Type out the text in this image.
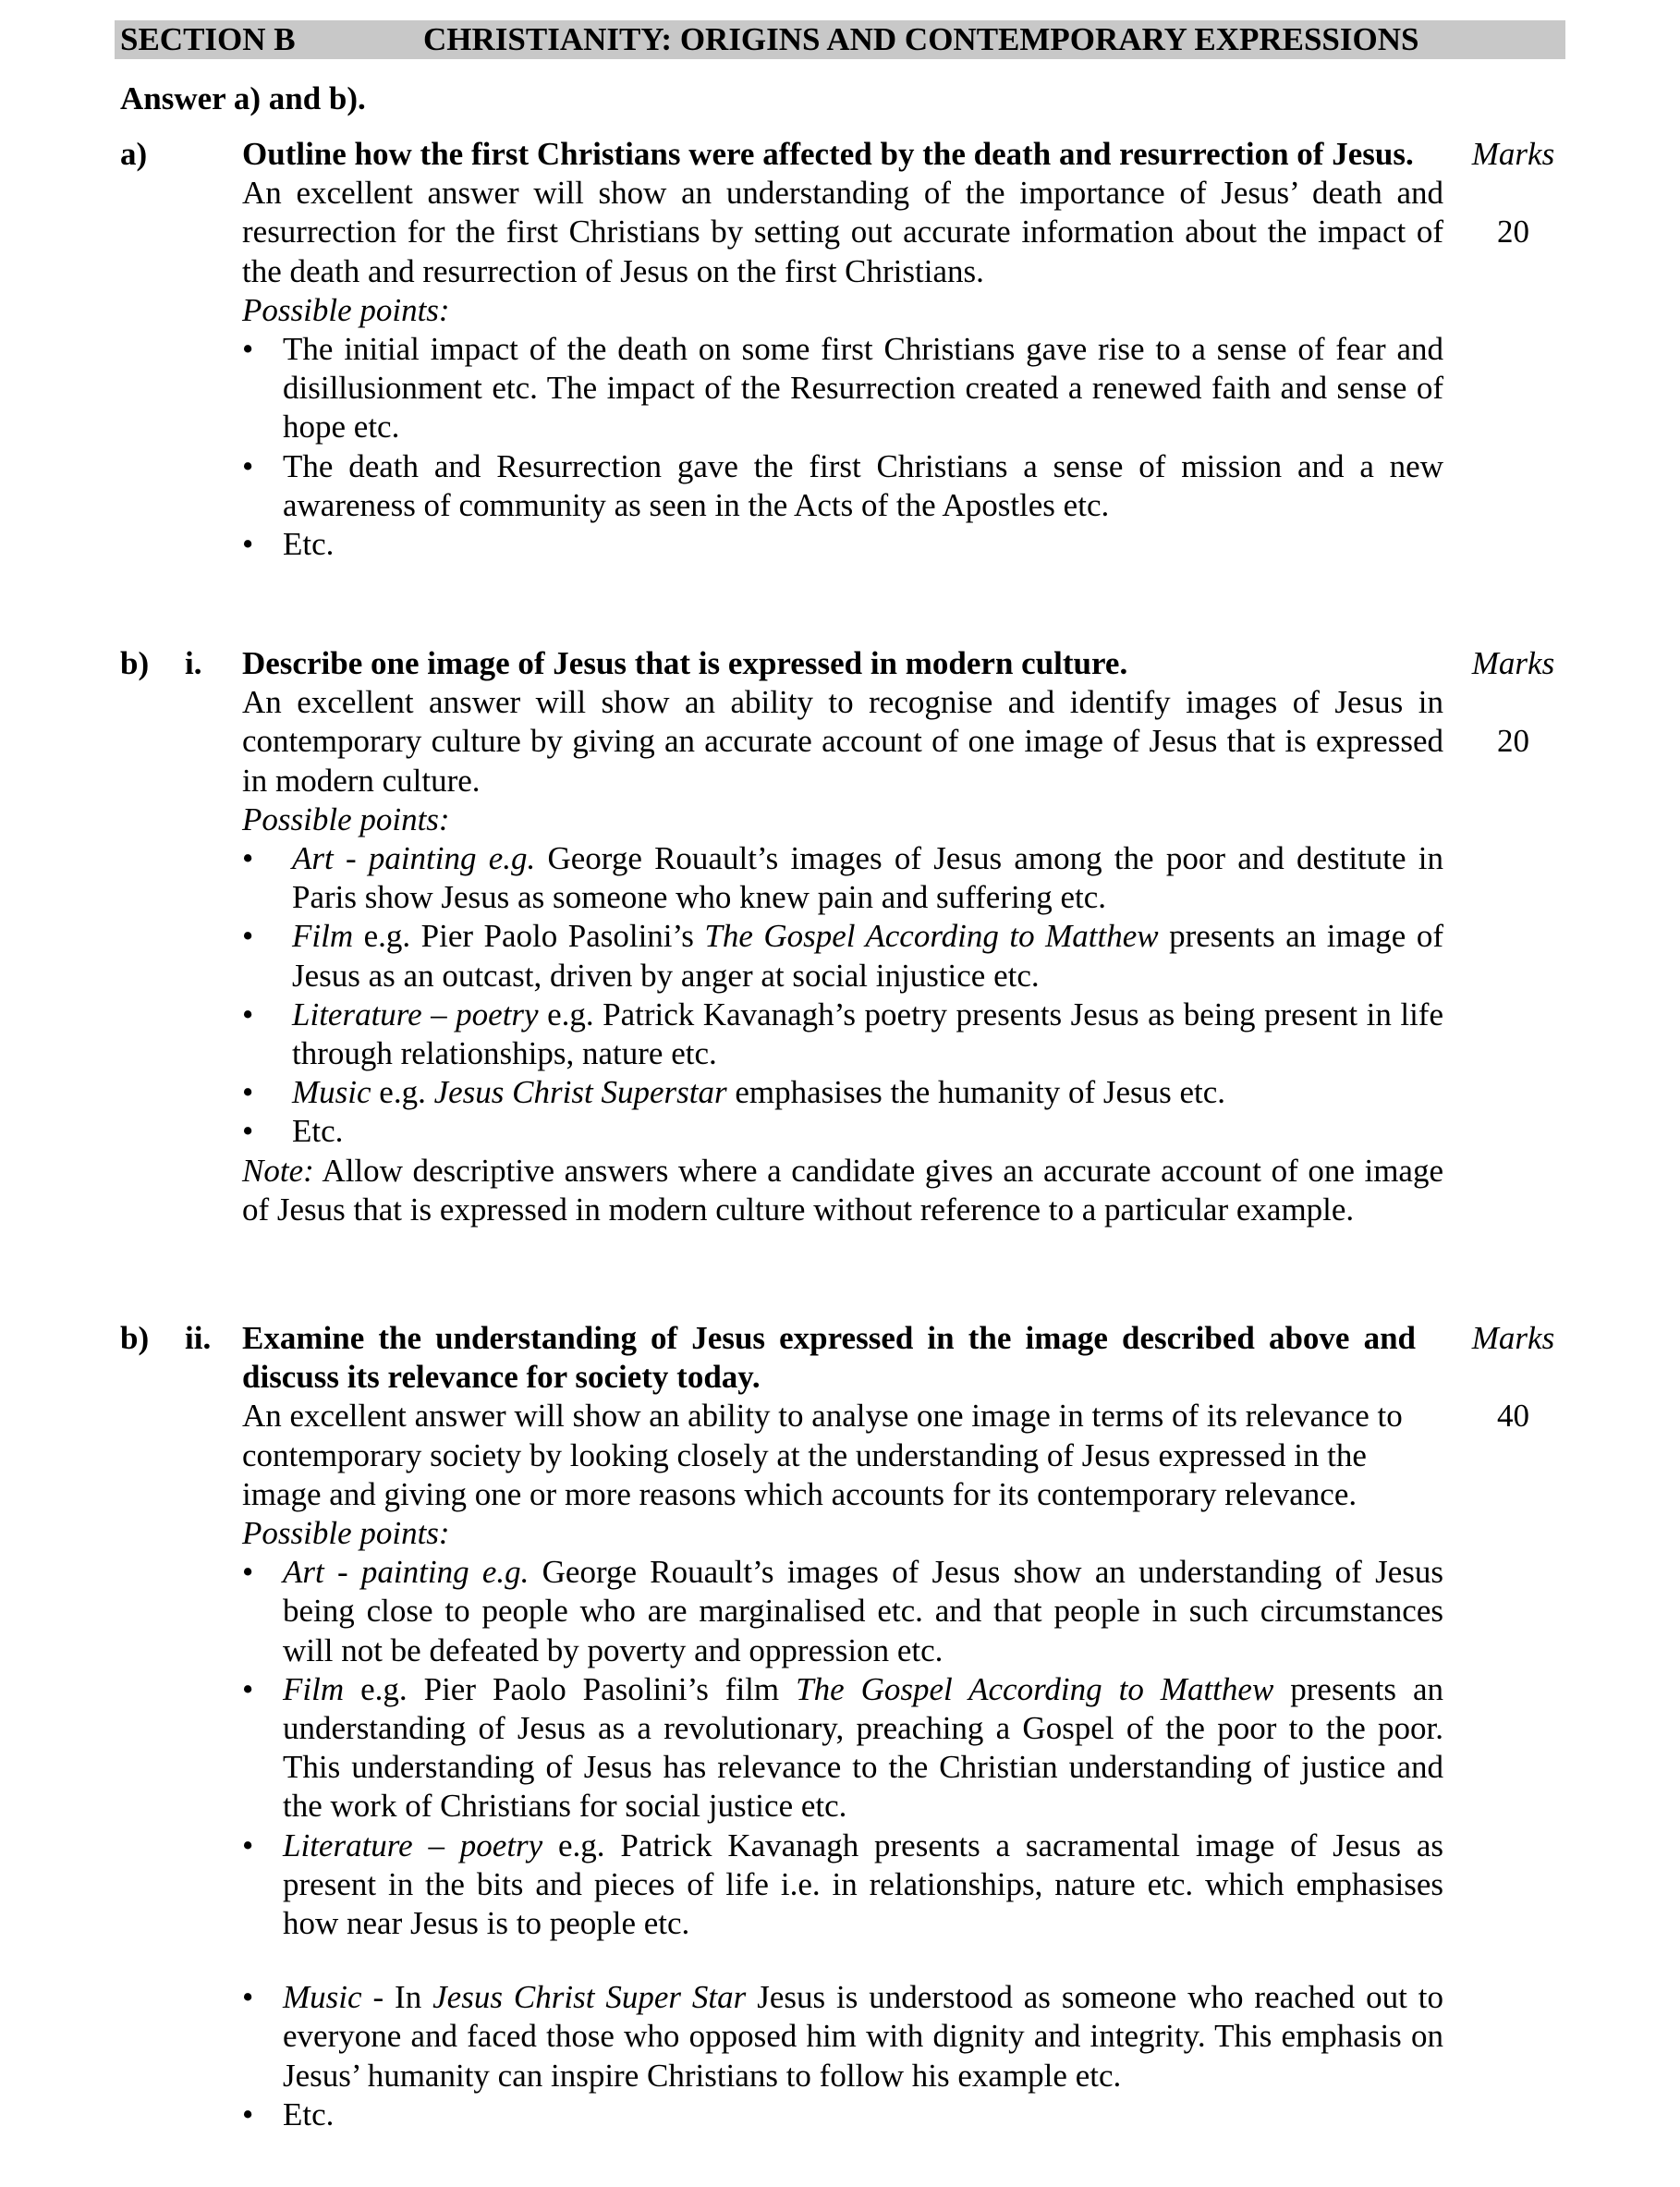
SECTION B	CHRISTIANITY: ORIGINS AND CONTEMPORARY EXPRESSIONS
Answer a) and b).
a)	Outline how the first Christians were affected by the death and resurrection of Jesus.
An excellent answer will show an understanding of the importance of Jesus’ death and resurrection for the first Christians by setting out accurate information about the impact of the death and resurrection of Jesus on the first Christians.
Possible points:
• The initial impact of the death on some first Christians gave rise to a sense of fear and disillusionment etc. The impact of the Resurrection created a renewed faith and sense of hope etc.
• The death and Resurrection gave the first Christians a sense of mission and a new awareness of community as seen in the Acts of the Apostles etc.
• Etc.
Marks
20
b) i. Describe one image of Jesus that is expressed in modern culture.
An excellent answer will show an ability to recognise and identify images of Jesus in contemporary culture by giving an accurate account of one image of Jesus that is expressed in modern culture.
Possible points:
• Art - painting e.g. George Rouault’s images of Jesus among the poor and destitute in Paris show Jesus as someone who knew pain and suffering etc.
• Film e.g. Pier Paolo Pasolini’s The Gospel According to Matthew presents an image of Jesus as an outcast, driven by anger at social injustice etc.
• Literature – poetry e.g. Patrick Kavanagh’s poetry presents Jesus as being present in life through relationships, nature etc.
• Music e.g. Jesus Christ Superstar emphasises the humanity of Jesus etc.
• Etc.
Note: Allow descriptive answers where a candidate gives an accurate account of one image of Jesus that is expressed in modern culture without reference to a particular example.
Marks
20
b) ii. Examine the understanding of Jesus expressed in the image described above and discuss its relevance for society today.
An excellent answer will show an ability to analyse one image in terms of its relevance to contemporary society by looking closely at the understanding of Jesus expressed in the image and giving one or more reasons which accounts for its contemporary relevance.
Possible points:
• Art - painting e.g. George Rouault’s images of Jesus show an understanding of Jesus being close to people who are marginalised etc. and that people in such circumstances will not be defeated by poverty and oppression etc.
• Film e.g. Pier Paolo Pasolini’s film The Gospel According to Matthew presents an understanding of Jesus as a revolutionary, preaching a Gospel of the poor to the poor. This understanding of Jesus has relevance to the Christian understanding of justice and the work of Christians for social justice etc.
• Literature – poetry e.g. Patrick Kavanagh presents a sacramental image of Jesus as present in the bits and pieces of life i.e. in relationships, nature etc. which emphasises how near Jesus is to people etc.
• Music - In Jesus Christ Super Star Jesus is understood as someone who reached out to everyone and faced those who opposed him with dignity and integrity. This emphasis on Jesus’ humanity can inspire Christians to follow his example etc.
• Etc.
Marks
40
